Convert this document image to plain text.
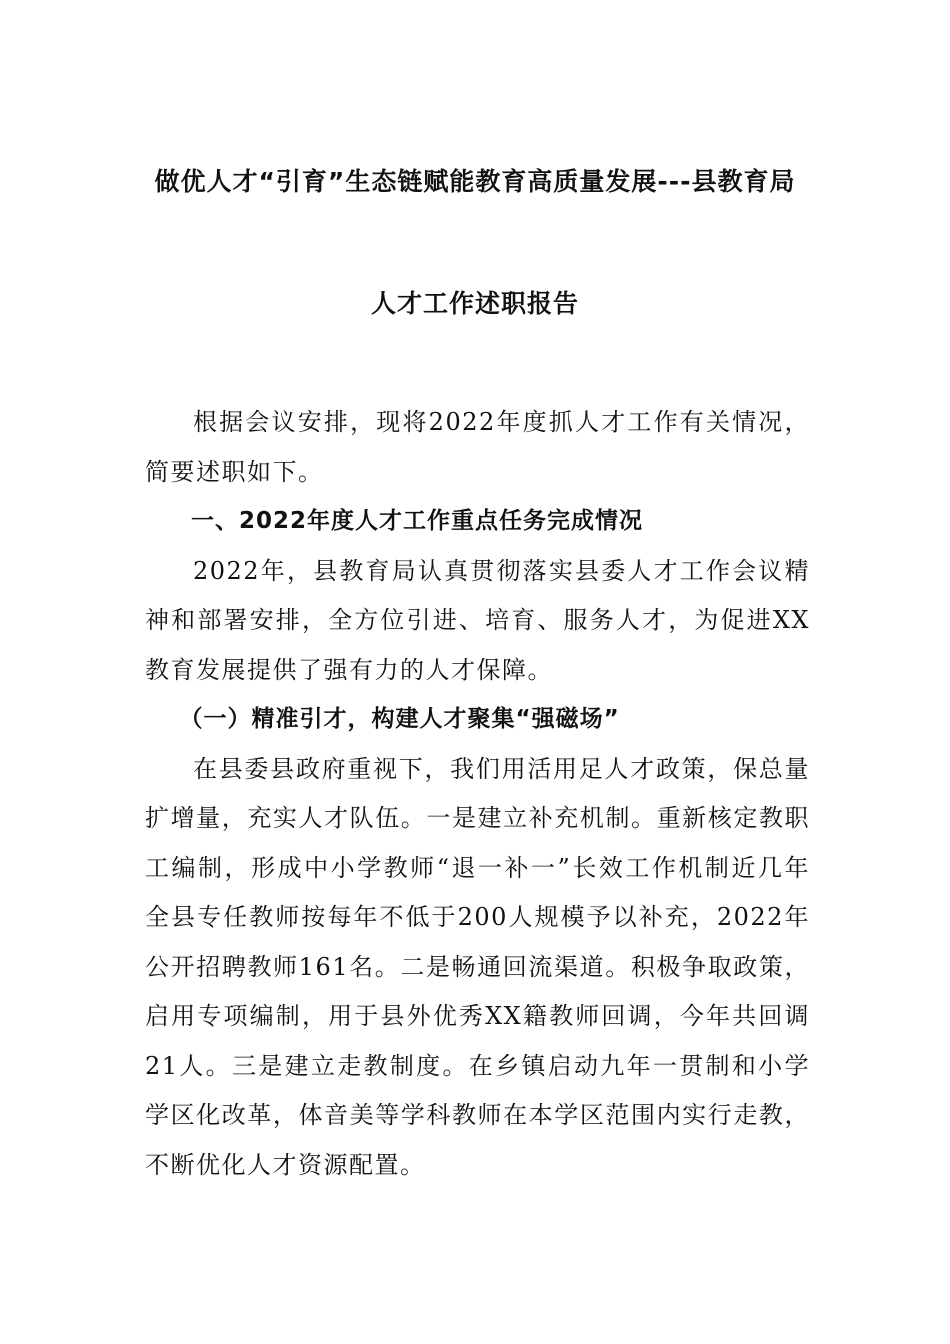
做优人才“引育”生态链赋能教育高质量发展---县教育局
人才工作述职报告

根据会议安排，现将2022年度抓人才工作有关情况，简要述职如下。

一、2022年度人才工作重点任务完成情况

2022年，县教育局认真贯彻落实县委人才工作会议精神和部署安排，全方位引进、培育、服务人才，为促进XX教育发展提供了强有力的人才保障。

（一）精准引才，构建人才聚集“强磁场”

在县委县政府重视下，我们用活用足人才政策，保总量扩增量，充实人才队伍。一是建立补充机制。重新核定教职工编制，形成中小学教师“退一补一”长效工作机制近几年全县专任教师按每年不低于200人规模予以补充，2022年公开招聘教师161名。二是畅通回流渠道。积极争取政策，启用专项编制，用于县外优秀XX籍教师回调，今年共回调21人。三是建立走教制度。在乡镇启动九年一贯制和小学学区化改革，体音美等学科教师在本学区范围内实行走教，不断优化人才资源配置。
